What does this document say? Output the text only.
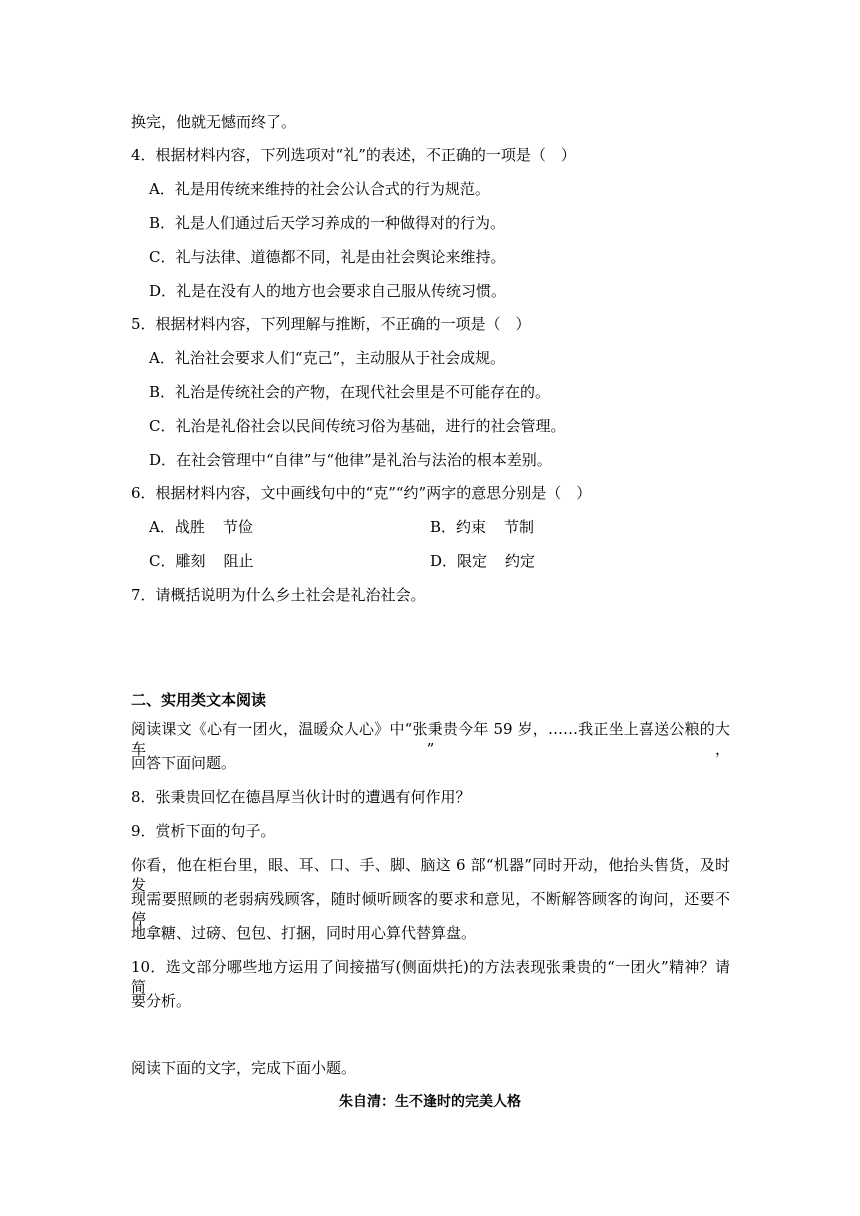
换完，他就无憾而终了。
4．根据材料内容，下列选项对“礼”的表述，不正确的一项是（　）
A．礼是用传统来维持的社会公认合式的行为规范。
B．礼是人们通过后天学习养成的一种做得对的行为。
C．礼与法律、道德都不同，礼是由社会舆论来维持。
D．礼是在没有人的地方也会要求自己服从传统习惯。
5．根据材料内容，下列理解与推断，不正确的一项是（　）
A．礼治社会要求人们“克己”，主动服从于社会成规。
B．礼治是传统社会的产物，在现代社会里是不可能存在的。
C．礼治是礼俗社会以民间传统习俗为基础，进行的社会管理。
D．在社会管理中“自律”与“他律”是礼治与法治的根本差别。
6．根据材料内容，文中画线句中的“克”“约”两字的意思分别是（　）
A．战胜 节俭	B．约束 节制
C．雕刻 阻止	D．限定 约定
7．请概括说明为什么乡土社会是礼治社会。
二、实用类文本阅读
阅读课文《心有一团火，温暖众人心》中“张秉贵今年 59 岁，……我正坐上喜送公粮的大车”，
回答下面问题。
8．张秉贵回忆在德昌厚当伙计时的遭遇有何作用？
9．赏析下面的句子。
你看，他在柜台里，眼、耳、口、手、脚、脑这 6 部“机器”同时开动，他抬头售货，及时发
现需要照顾的老弱病残顾客，随时倾听顾客的要求和意见，不断解答顾客的询问，还要不停
地拿糖、过磅、包包、打捆，同时用心算代替算盘。
10．选文部分哪些地方运用了间接描写(侧面烘托)的方法表现张秉贵的“一团火”精神？请简
要分析。
阅读下面的文字，完成下面小题。
朱自清：生不逢时的完美人格
